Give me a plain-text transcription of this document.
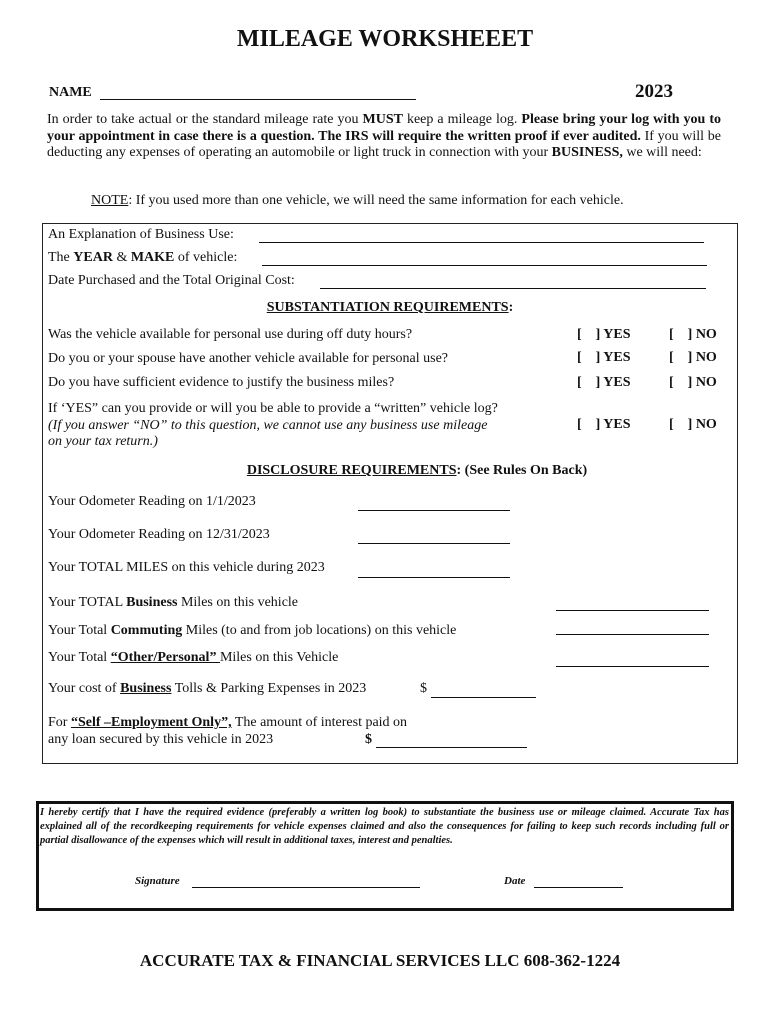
MILEAGE WORKSHEEET
NAME	2023
In order to take actual or the standard mileage rate you MUST keep a mileage log. Please bring your log with you to your appointment in case there is a question. The IRS will require the written proof if ever audited. If you will be deducting any expenses of operating an automobile or light truck in connection with your BUSINESS, we will need:
NOTE: If you used more than one vehicle, we will need the same information for each vehicle.
An Explanation of Business Use:
The YEAR & MAKE of vehicle:
Date Purchased and the Total Original Cost:
SUBSTANTIATION REQUIREMENTS:
Was the vehicle available for personal use during off duty hours?	[    ] YES	[    ] NO
Do you or your spouse have another vehicle available for personal use?	[    ] YES	[    ] NO
Do you have sufficient evidence to justify the business miles?	[    ] YES	[    ] NO
If ‘YES” can you provide or will you be able to provide a “written” vehicle log?
(If you answer “NO” to this question, we cannot use any business use mileage
on your tax return.)
[    ] YES	[    ] NO
DISCLOSURE REQUIREMENTS: (See Rules On Back)
Your Odometer Reading on 1/1/2023
Your Odometer Reading on 12/31/2023
Your TOTAL MILES on this vehicle during 2023
Your TOTAL Business Miles on this vehicle
Your Total Commuting Miles (to and from job locations) on this vehicle
Your Total “Other/Personal” Miles on this Vehicle
Your cost of Business Tolls & Parking Expenses in 2023	$
For “Self –Employment Only”, The amount of interest paid on
any loan secured by this vehicle in 2023	$
I hereby certify that I have the required evidence (preferably a written log book) to substantiate the business use or mileage claimed. Accurate Tax has explained all of the recordkeeping requirements for vehicle expenses claimed and also the consequences for failing to keep such records including full or partial disallowance of the expenses which will result in additional taxes, interest and penalties.
Signature	Date
ACCURATE TAX & FINANCIAL SERVICES LLC 608-362-1224
